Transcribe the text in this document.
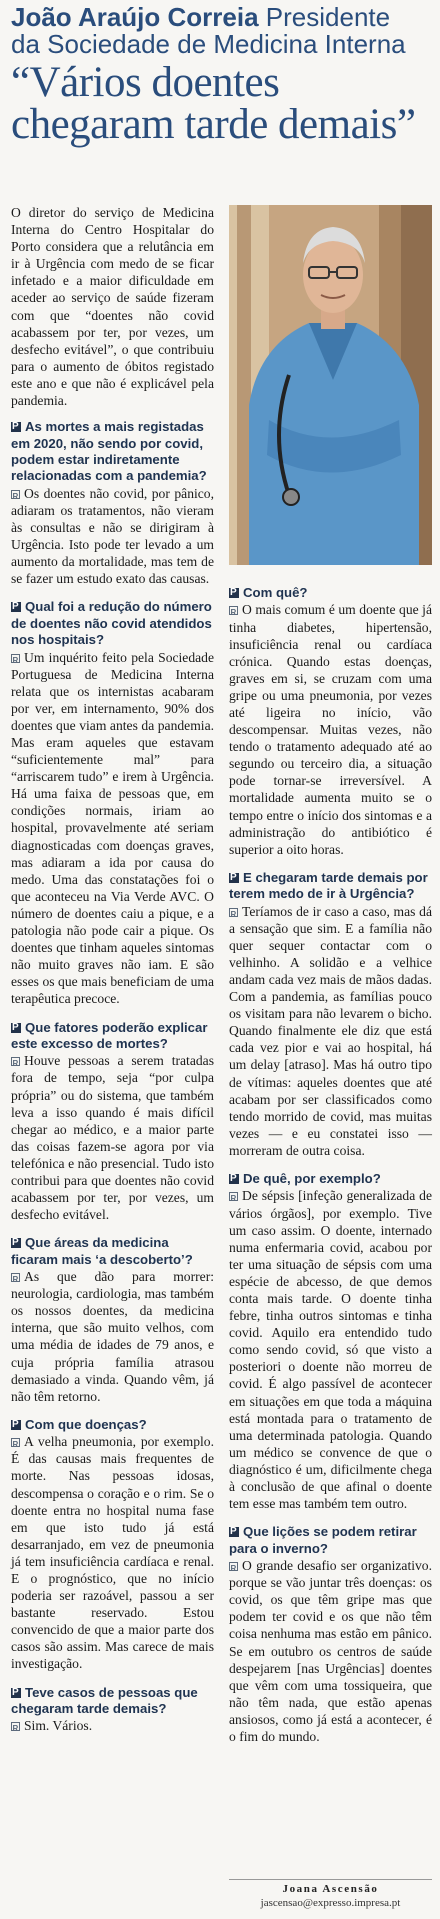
João Araújo Correia Presidente
da Sociedade de Medicina Interna
“Vários doentes chegaram tarde demais”

O diretor do serviço de Medicina Interna do Centro Hospitalar do Porto considera que a relutância em ir à Urgência com medo de se ficar infetado e a maior dificuldade em aceder ao serviço de saúde fizeram com que “doentes não covid acabassem por ter, por vezes, um desfecho evitável”, o que contribuiu para o aumento de óbitos registado este ano e que não é explicável pela pandemia.

PAs mortes a mais registadas em 2020, não sendo por covid, podem estar indiretamente relacionadas com a pandemia?

ROs doentes não covid, por pânico, adiaram os tratamentos, não vieram às consultas e não se dirigiram à Urgência. Isto pode ter levado a um aumento da mortalidade, mas tem de se fazer um estudo exato das causas.

PQual foi a redução do número de doentes não covid atendidos nos hospitais?

RUm inquérito feito pela Sociedade Portuguesa de Medicina Interna relata que os internistas acabaram por ver, em internamento, 90% dos doentes que viam antes da pandemia. Mas eram aqueles que estavam “suficientemente mal” para “arriscarem tudo” e irem à Urgência. Há uma faixa de pessoas que, em condições normais, iriam ao hospital, provavelmente até seriam diagnosticadas com doenças graves, mas adiaram a ida por causa do medo. Uma das constatações foi o que aconteceu na Via Verde AVC. O número de doentes caiu a pique, e a patologia não pode cair a pique. Os doentes que tinham aqueles sintomas não muito graves não iam. E são esses os que mais beneficiam de uma terapêutica precoce.

PQue fatores poderão explicar este excesso de mortes?

RHouve pessoas a serem tratadas fora de tempo, seja “por culpa própria” ou do sistema, que também leva a isso quando é mais difícil chegar ao médico, e a maior parte das coisas fazem-se agora por via telefónica e não presencial. Tudo isto contribui para que doentes não covid acabassem por ter, por vezes, um desfecho evitável.

PQue áreas da medicina ficaram mais ‘a descoberto’?

RAs que dão para morrer: neurologia, cardiologia, mas também os nossos doentes, da medicina interna, que são muito velhos, com uma média de idades de 79 anos, e cuja própria família atrasou demasiado a vinda. Quando vêm, já não têm retorno.

PCom que doenças?

RA velha pneumonia, por exemplo. É das causas mais frequentes de morte. Nas pessoas idosas, descompensa o coração e o rim. Se o doente entra no hospital numa fase em que isto tudo já está desarranjado, em vez de pneumonia já tem insuficiência cardíaca e renal. E o prognóstico, que no início poderia ser razoável, passou a ser bastante reservado. Estou convencido de que a maior parte dos casos são assim. Mas carece de mais investigação.

PTeve casos de pessoas que chegaram tarde demais?

RSim. Vários.

PCom quê?

RO mais comum é um doente que já tinha diabetes, hipertensão, insuficiência renal ou cardíaca crónica. Quando estas doenças, graves em si, se cruzam com uma gripe ou uma pneumonia, por vezes até ligeira no início, vão descompensar. Muitas vezes, não tendo o tratamento adequado até ao segundo ou terceiro dia, a situação pode tornar-se irreversível. A mortalidade aumenta muito se o tempo entre o início dos sintomas e a administração do antibiótico é superior a oito horas.

PE chegaram tarde demais por terem medo de ir à Urgência?

RTeríamos de ir caso a caso, mas dá a sensação que sim. E a família não quer sequer contactar com o velhinho. A solidão e a velhice andam cada vez mais de mãos dadas. Com a pandemia, as famílias pouco os visitam para não levarem o bicho. Quando finalmente ele diz que está cada vez pior e vai ao hospital, há um delay [atraso]. Mas há outro tipo de vítimas: aqueles doentes que até acabam por ser classificados como tendo morrido de covid, mas muitas vezes — e eu constatei isso — morreram de outra coisa.

PDe quê, por exemplo?

RDe sépsis [infeção generalizada de vários órgãos], por exemplo. Tive um caso assim. O doente, internado numa enfermaria covid, acabou por ter uma situação de sépsis com uma espécie de abcesso, de que demos conta mais tarde. O doente tinha febre, tinha outros sintomas e tinha covid. Aquilo era entendido tudo como sendo covid, só que visto a posteriori o doente não morreu de covid. É algo passível de acontecer em situações em que toda a máquina está montada para o tratamento de uma determinada patologia. Quando um médico se convence de que o diagnóstico é um, dificilmente chega à conclusão de que afinal o doente tem esse mas também tem outro.

PQue lições se podem retirar para o inverno?

RO grande desafio ser organizativo. porque se vão juntar três doenças: os covid, os que têm gripe mas que podem ter covid e os que não têm coisa nenhuma mas estão em pânico. Se em outubro os centros de saúde despejarem [nas Urgências] doentes que vêm com uma tossiqueira, que não têm nada, que estão apenas ansiosos, como já está a acontecer, é o fim do mundo.

Joana Ascensão
jascensao@expresso.impresa.pt
